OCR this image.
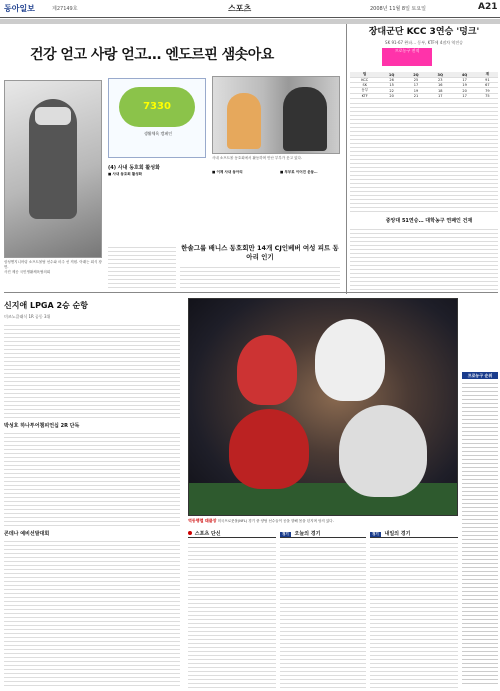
동아일보	제27149호	스포츠	2008년 11월 8일 토요일	A21
건강 얻고 사랑 얻고… 엔도르핀 샘솟아요
삼성엔지니어링 소프트볼팀 선수와 마주 선 직원. 아래는 회식 장면.
사진 제공 국민생활체육협의회
7330
생활체육 캠페인
(4) 사내 동호회 활성화
■ 사내 동호회 활성화
사내 소프트볼 동호회에서 활동하며 만난 부부가 웃고 있다.
■ 이제 사내 동아리	■ 부부로 이어진 운동…
한솔그룹 배니스 동호회만 14개 CJ인베버 여성 피트 동아리 인기
장대군단 KCC 3연승 '덩크'
SK 91-67 완파… 동부, KTF에 4점차 역전승
프로농구 전적
팀	1Q	2Q	3Q	4Q	계
KCC	26	25	23	17	91
SK	15	17	16	19	67
동부	22	19	18	20	79
KTF	20	21	17	17	75
중앙대 51연승… 대학농구 연패인 건재
신지애 LPGA 2승 순항
미즈노클래식 1R 공동 3위
박성호 하나투어챔피언십 2R 단독
콘데나 예비선발대회
역동행렬 태클장 미국프로풋볼(NFL) 경기 중 양팀 선수들이 공을 향해 몸을 던지며 엉켜 있다.
프로농구 순위
스포츠 단신	경기 오늘의 경기	경기 내일의 경기
